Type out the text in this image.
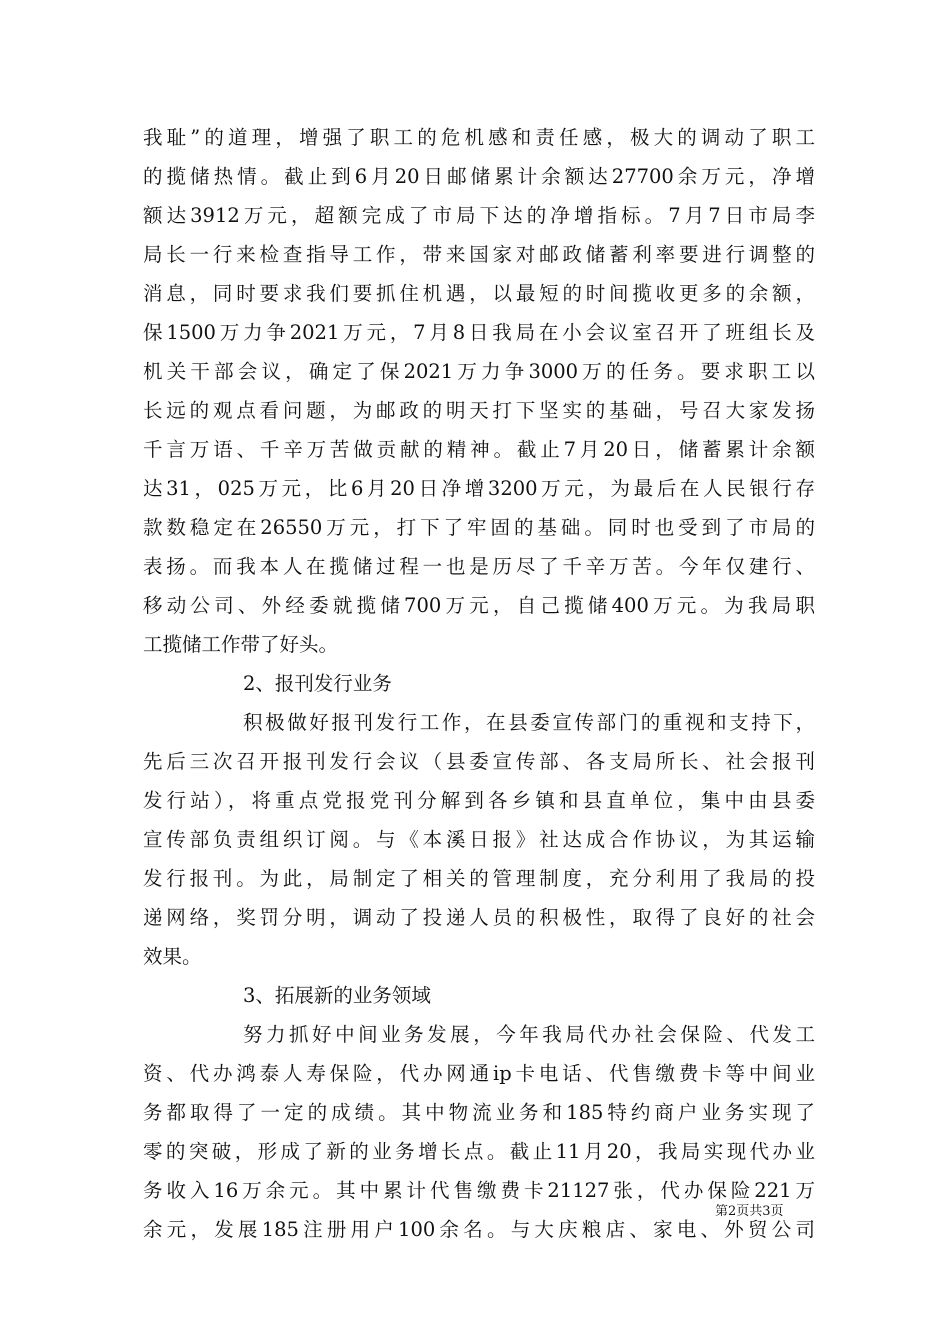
我耻”的道理，增强了职工的危机感和责任感，极大的调动了职工
的揽储热情。截止到6月20日邮储累计余额达27700余万元，净增
额达3912万元，超额完成了市局下达的净增指标。7月7日市局李
局长一行来检查指导工作，带来国家对邮政储蓄利率要进行调整的
消息，同时要求我们要抓住机遇，以最短的时间揽收更多的余额，
保1500万力争2021万元，7月8日我局在小会议室召开了班组长及
机关干部会议，确定了保2021万力争3000万的任务。要求职工以
长远的观点看问题，为邮政的明天打下坚实的基础，号召大家发扬
千言万语、千辛万苦做贡献的精神。截止7月20日，储蓄累计余额
达31，025万元，比6月20日净增3200万元，为最后在人民银行存
款数稳定在26550万元，打下了牢固的基础。同时也受到了市局的
表扬。而我本人在揽储过程一也是历尽了千辛万苦。今年仅建行、
移动公司、外经委就揽储700万元，自己揽储400万元。为我局职
工揽储工作带了好头。
2、报刊发行业务
积极做好报刊发行工作，在县委宣传部门的重视和支持下，
先后三次召开报刊发行会议（县委宣传部、各支局所长、社会报刊
发行站），将重点党报党刊分解到各乡镇和县直单位，集中由县委
宣传部负责组织订阅。与《本溪日报》社达成合作协议，为其运输
发行报刊。为此，局制定了相关的管理制度，充分利用了我局的投
递网络，奖罚分明，调动了投递人员的积极性，取得了良好的社会
效果。
3、拓展新的业务领域
努力抓好中间业务发展，今年我局代办社会保险、代发工
资、代办鸿泰人寿保险，代办网通ip卡电话、代售缴费卡等中间业
务都取得了一定的成绩。其中物流业务和185特约商户业务实现了
零的突破，形成了新的业务增长点。截止11月20，我局实现代办业
务收入16万余元。其中累计代售缴费卡21127张，代办保险221万
余元，发展185注册用户100余名。与大庆粮店、家电、外贸公司
第2页共3页
